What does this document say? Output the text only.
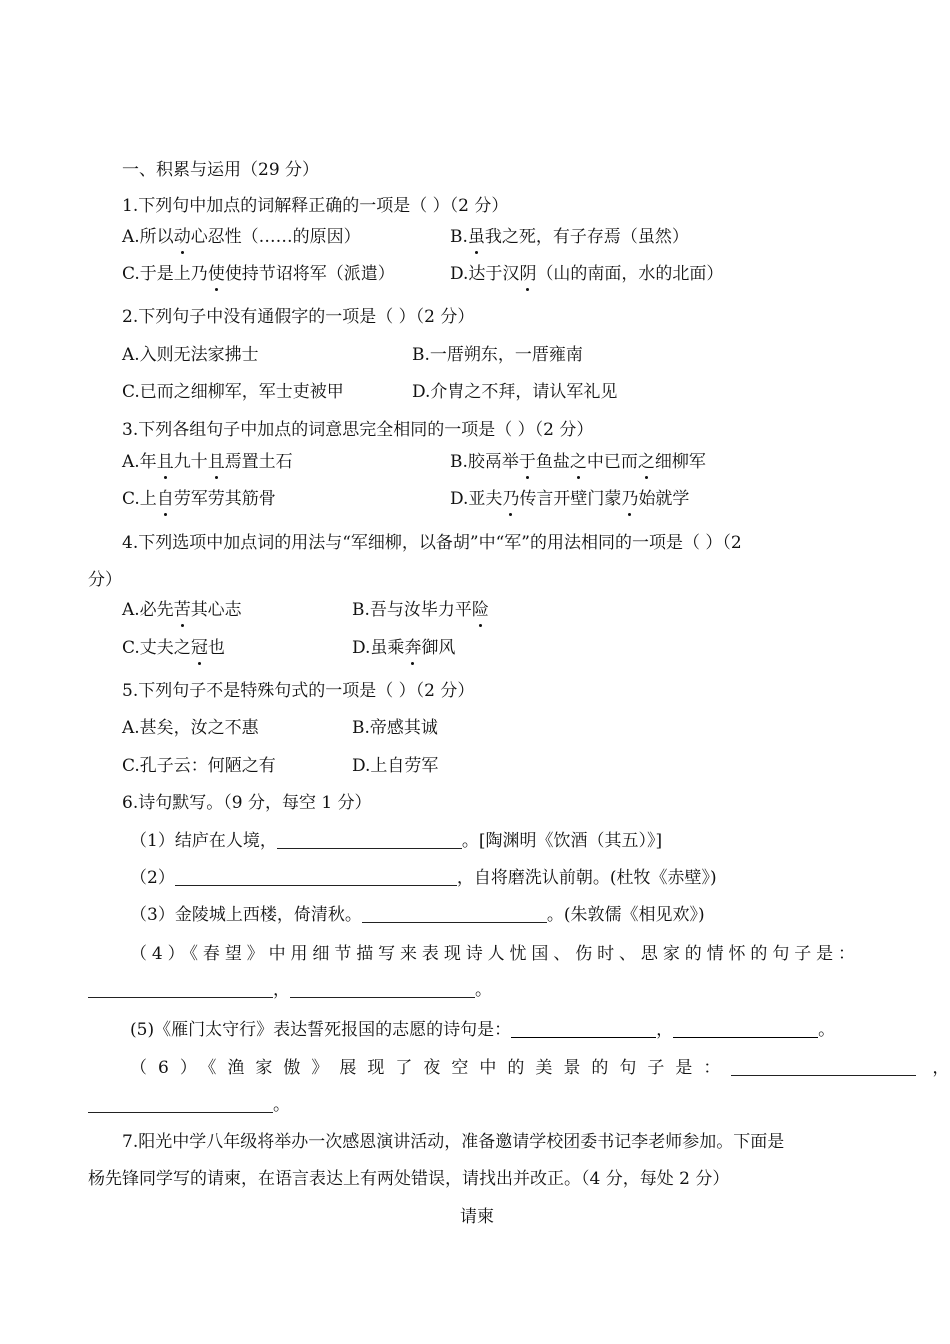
一、积累与运用（29 分）
1.下列句中加点的词解释正确的一项是（ ）（2 分）
A.所以动心忍性（……的原因）	B.虽我之死，有子存焉（虽然）
C.于是上乃使使持节诏将军（派遣）	D.达于汉阴（山的南面，水的北面）
2.下列句子中没有通假字的一项是（ ）（2 分）
A.入则无法家拂士	B.一厝朔东，一厝雍南
C.已而之细柳军，军士吏被甲	D.介胄之不拜，请认军礼见
3.下列各组句子中加点的词意思完全相同的一项是（ ）（2 分）
A.年且九十且焉置土石	B.胶鬲举于鱼盐之中已而之细柳军
C.上自劳军劳其筋骨	D.亚夫乃传言开壁门蒙乃始就学
4.下列选项中加点词的用法与“军细柳，以备胡”中“军”的用法相同的一项是（ ）（2
分）
A.必先苦其心志	B.吾与汝毕力平险
C.丈夫之冠也	D.虽乘奔御风
5.下列句子不是特殊句式的一项是（ ）（2 分）
A.甚矣，汝之不惠	B.帝感其诚
C.孔子云：何陋之有	D.上自劳军
6.诗句默写。（9 分，每空 1 分）
（1）结庐在人境，	。[陶渊明《饮酒（其五）》]
（2）	，自将磨洗认前朝。(杜牧《赤壁》)
（3）金陵城上西楼，倚清秋。	。(朱敦儒《相见欢》)
（4）《春望》中用细节描写来表现诗人忧国、伤时、思家的情怀的句子是：
，	。
(5)《雁门太守行》表达誓死报国的志愿的诗句是：	，	。
（6）《渔家傲》展现了夜空中的美景的句子是：	，
。
7.阳光中学八年级将举办一次感恩演讲活动，准备邀请学校团委书记李老师参加。下面是
杨先锋同学写的请柬，在语言表达上有两处错误，请找出并改正。（4 分，每处 2 分）
请柬
